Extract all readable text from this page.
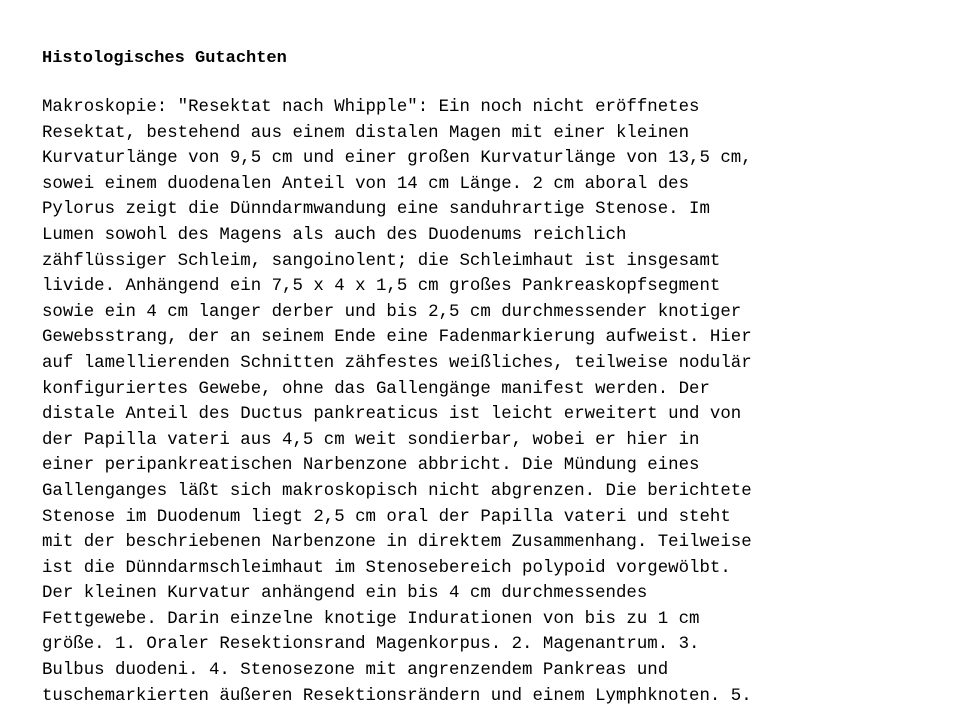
Histologisches Gutachten
Makroskopie: "Resektat nach Whipple": Ein noch nicht eröffnetes
Resektat, bestehend aus einem distalen Magen mit einer kleinen
Kurvaturlänge von 9,5 cm und einer großen Kurvaturlänge von 13,5 cm,
sowei einem duodenalen Anteil von 14 cm Länge. 2 cm aboral des
Pylorus zeigt die Dünndarmwandung eine sanduhrartige Stenose. Im
Lumen sowohl des Magens als auch des Duodenums reichlich
zähflüssiger Schleim, sangoinolent; die Schleimhaut ist insgesamt
livide. Anhängend ein 7,5 x 4 x 1,5 cm großes Pankreaskopfsegment
sowie ein 4 cm langer derber und bis 2,5 cm durchmessender knotiger
Gewebsstrang, der an seinem Ende eine Fadenmarkierung aufweist. Hier
auf lamellierenden Schnitten zähfestes weißliches, teilweise nodulär
konfiguriertes Gewebe, ohne das Gallengänge manifest werden. Der
distale Anteil des Ductus pankreaticus ist leicht erweitert und von
der Papilla vateri aus 4,5 cm weit sondierbar, wobei er hier in
einer peripankreatischen Narbenzone abbricht. Die Mündung eines
Gallenganges läßt sich makroskopisch nicht abgrenzen. Die berichtete
Stenose im Duodenum liegt 2,5 cm oral der Papilla vateri und steht
mit der beschriebenen Narbenzone in direktem Zusammenhang. Teilweise
ist die Dünndarmschleimhaut im Stenosebereich polypoid vorgewölbt.
Der kleinen Kurvatur anhängend ein bis 4 cm durchmessendes
Fettgewebe. Darin einzelne knotige Indurationen von bis zu 1 cm
größe. 1. Oraler Resektionsrand Magenkorpus. 2. Magenantrum. 3.
Bulbus duodeni. 4. Stenosezone mit angrenzendem Pankreas und
tuschemarkierten äußeren Resektionsrändern und einem Lymphknoten. 5.
